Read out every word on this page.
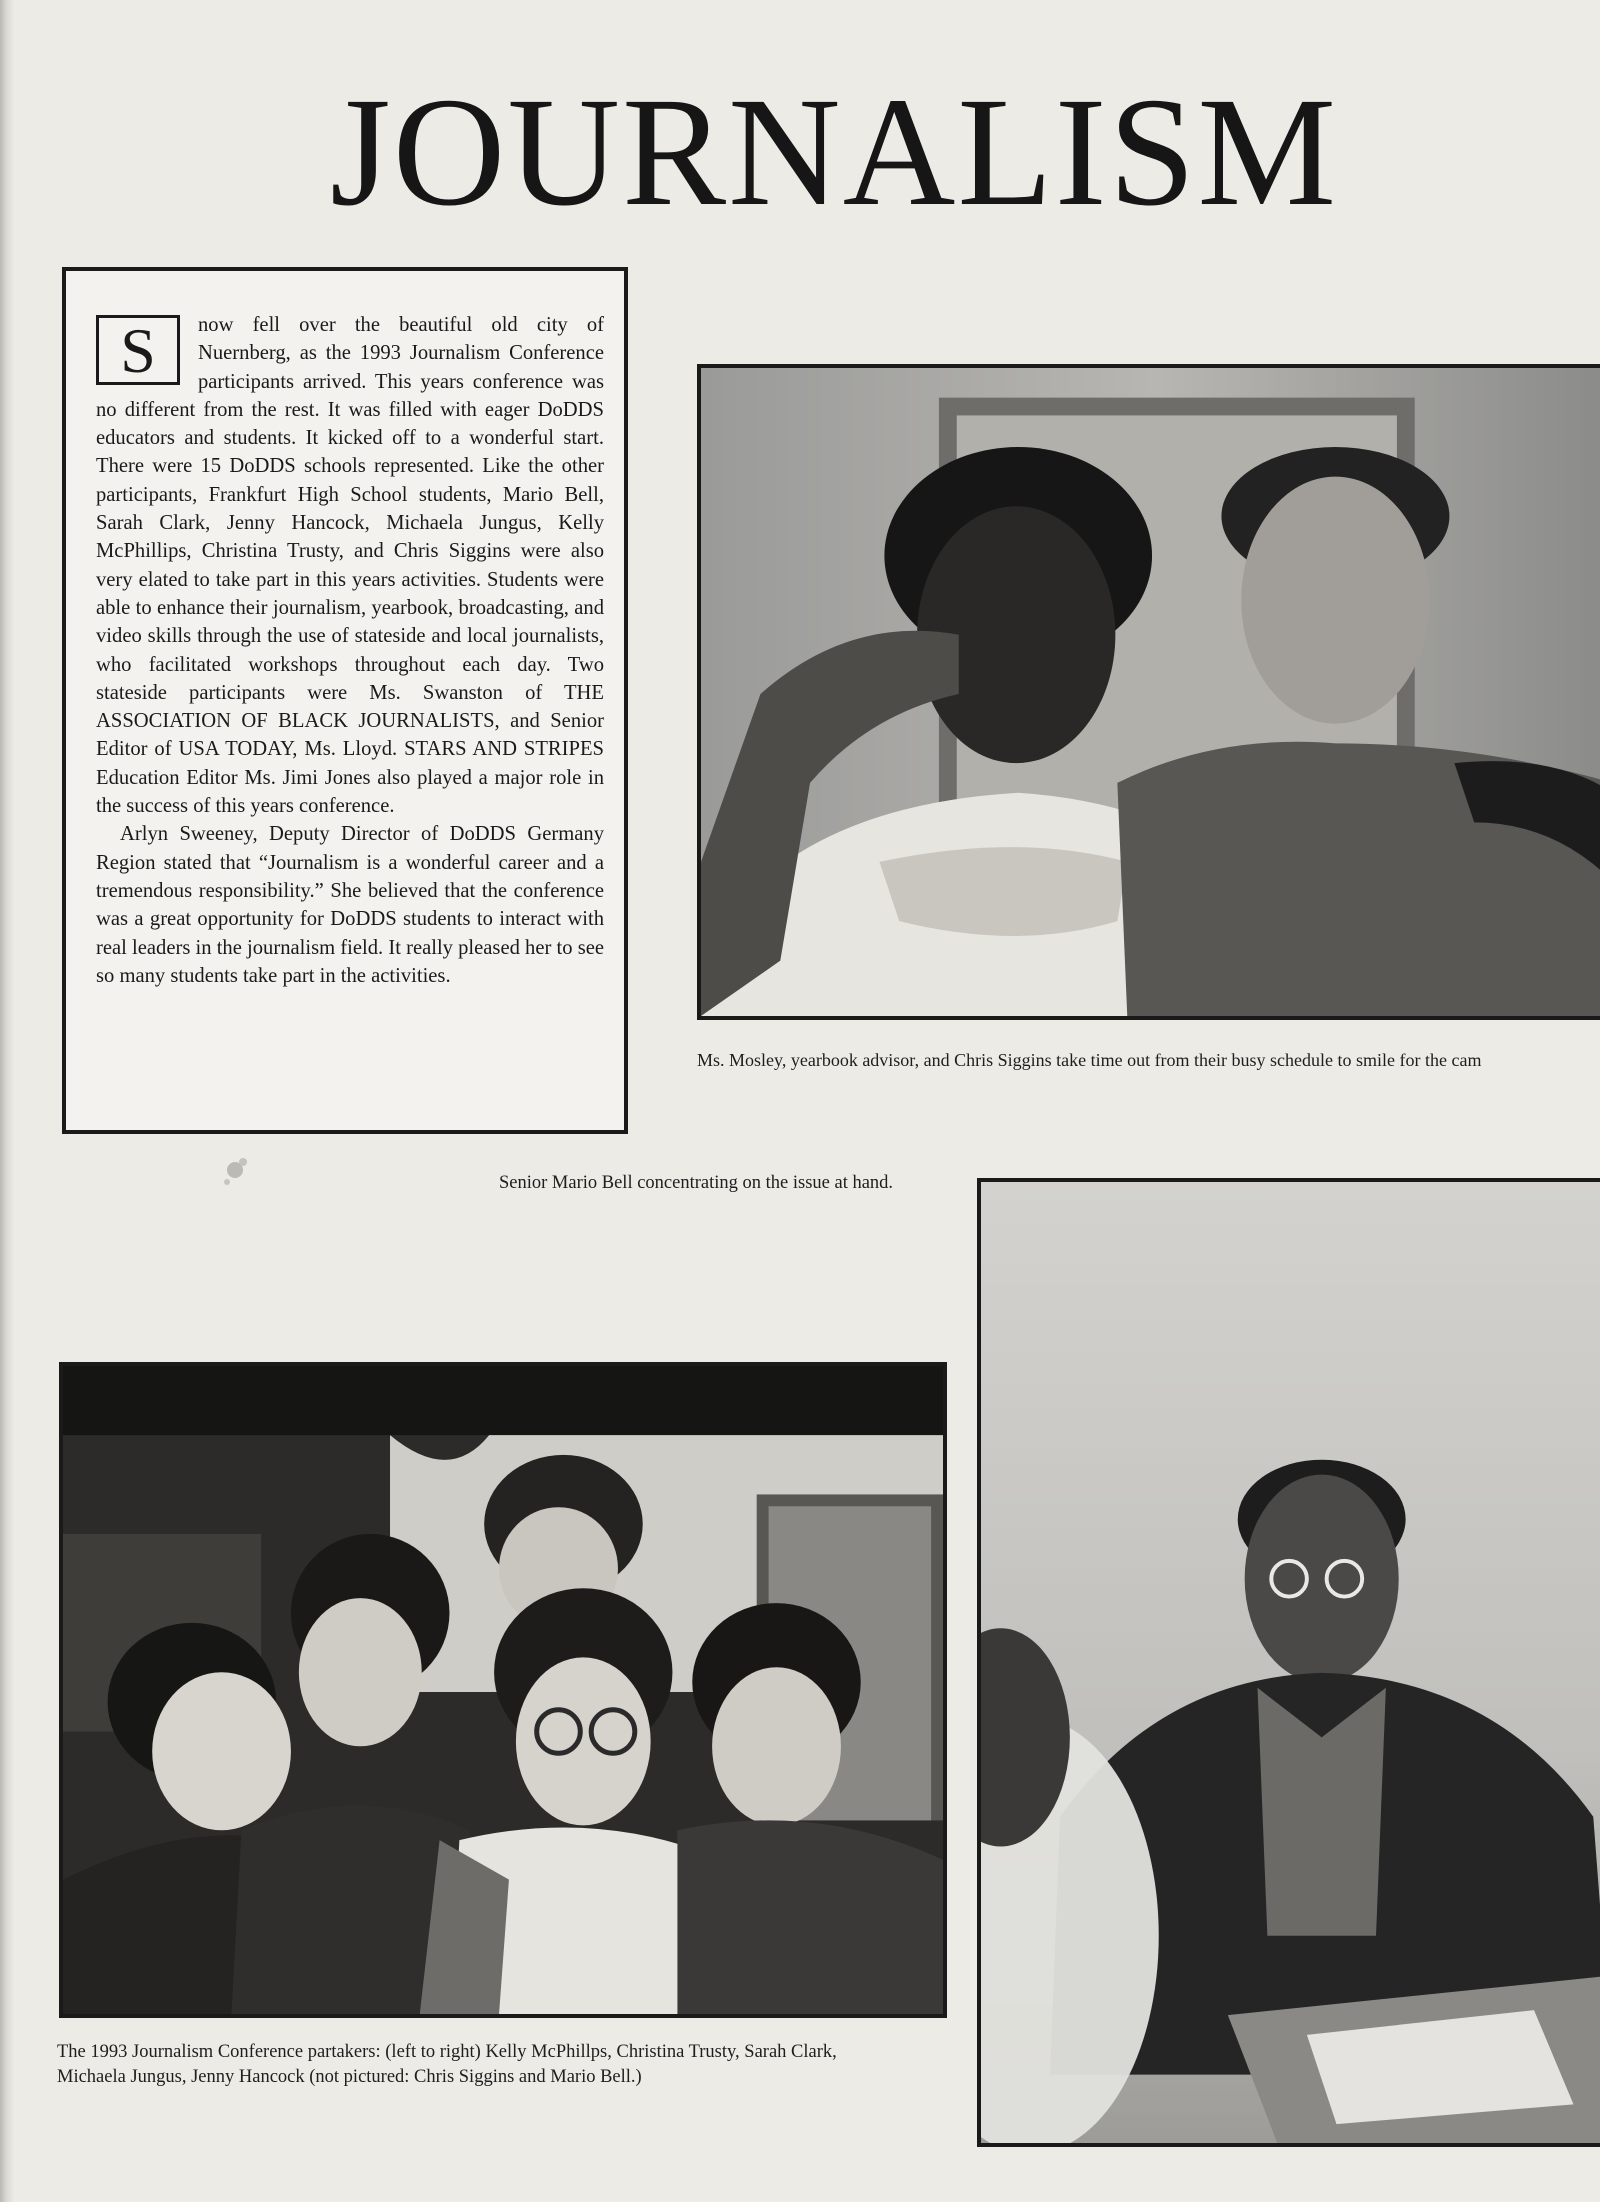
JOURNALISM

S	now fell over the beautiful old city of Nuernberg, as the 1993 Journalism Conference participants arrived. This years conference was no different from the rest. It was filled with eager DoDDS educators and students. It kicked off to a wonderful start. There were 15 DoDDS schools represented. Like the other participants, Frankfurt High School students, Mario Bell, Sarah Clark, Jenny Hancock, Michaela Jungus, Kelly McPhillips, Christina Trusty, and Chris Siggins were also very elated to take part in this years activities. Students were able to enhance their journalism, yearbook, broadcasting, and video skills through the use of stateside and local journalists, who facilitated workshops throughout each day. Two stateside participants were Ms. Swanston of THE ASSOCIATION OF BLACK JOURNALISTS, and Senior Editor of USA TODAY, Ms. Lloyd. STARS AND STRIPES Education Editor Ms. Jimi Jones also played a major role in the success of this years conference.

Arlyn Sweeney, Deputy Director of DoDDS Germany Region stated that “Journalism is a wonderful career and a tremendous responsibility.” She believed that the conference was a great opportunity for DoDDS students to interact with real leaders in the journalism field. It really pleased her to see so many students take part in the activities.

Ms. Mosley, yearbook advisor, and Chris Siggins take time out from their busy schedule to smile for the cam
Senior Mario Bell concentrating on the issue at hand.
The 1993 Journalism Conference partakers: (left to right) Kelly McPhillps, Christina Trusty, Sarah Clark,
Michaela Jungus, Jenny Hancock (not pictured: Chris Siggins and Mario Bell.)
